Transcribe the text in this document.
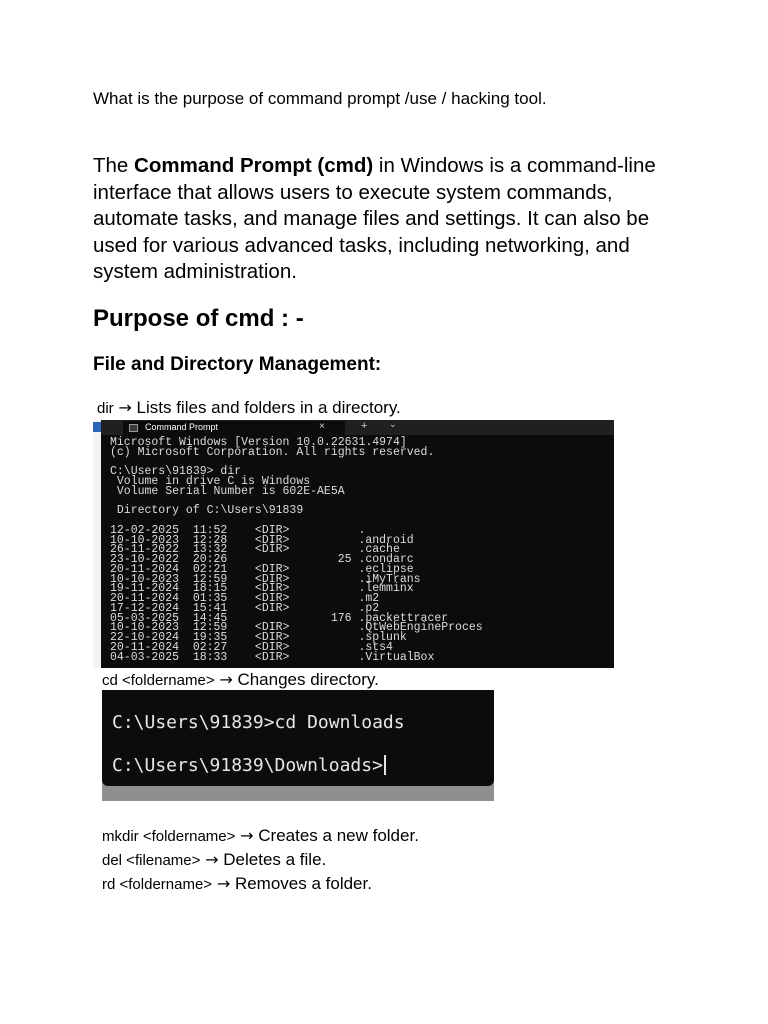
What is the purpose of command prompt /use / hacking tool.
The Command Prompt (cmd) in Windows is a command-line interface that allows users to execute system commands, automate tasks, and manage files and settings. It can also be used for various advanced tasks, including networking, and system administration.
Purpose of cmd : -
File and Directory Management:
dir → Lists files and folders in a directory.
Command Prompt	×	+ ⌄
Microsoft Windows [Version 10.0.22631.4974]
(c) Microsoft Corporation. All rights reserved.
C:\Users\91839> dir
Volume in drive C is Windows
Volume Serial Number is 602E-AE5A
Directory of C:\Users\91839
12-02-2025  11:52    <DIR>          .
10-10-2023  12:28    <DIR>          .android
26-11-2022  13:32    <DIR>          .cache
23-10-2022  20:26                25 .condarc
20-11-2024  02:21    <DIR>          .eclipse
10-10-2023  12:59    <DIR>          .iMyTrans
19-11-2024  18:15    <DIR>          .lemminx
20-11-2024  01:35    <DIR>          .m2
17-12-2024  15:41    <DIR>          .p2
05-03-2025  14:45               176 .packettracer
10-10-2023  12:59    <DIR>          .QtWebEngineProces
22-10-2024  19:35    <DIR>          .splunk
20-11-2024  02:27    <DIR>          .sts4
04-03-2025  18:33    <DIR>          .VirtualBox
cd <foldername> → Changes directory.
C:\Users\91839>cd Downloads
C:\Users\91839\Downloads>
mkdir <foldername> → Creates a new folder.
del <filename> → Deletes a file.
rd <foldername> → Removes a folder.
